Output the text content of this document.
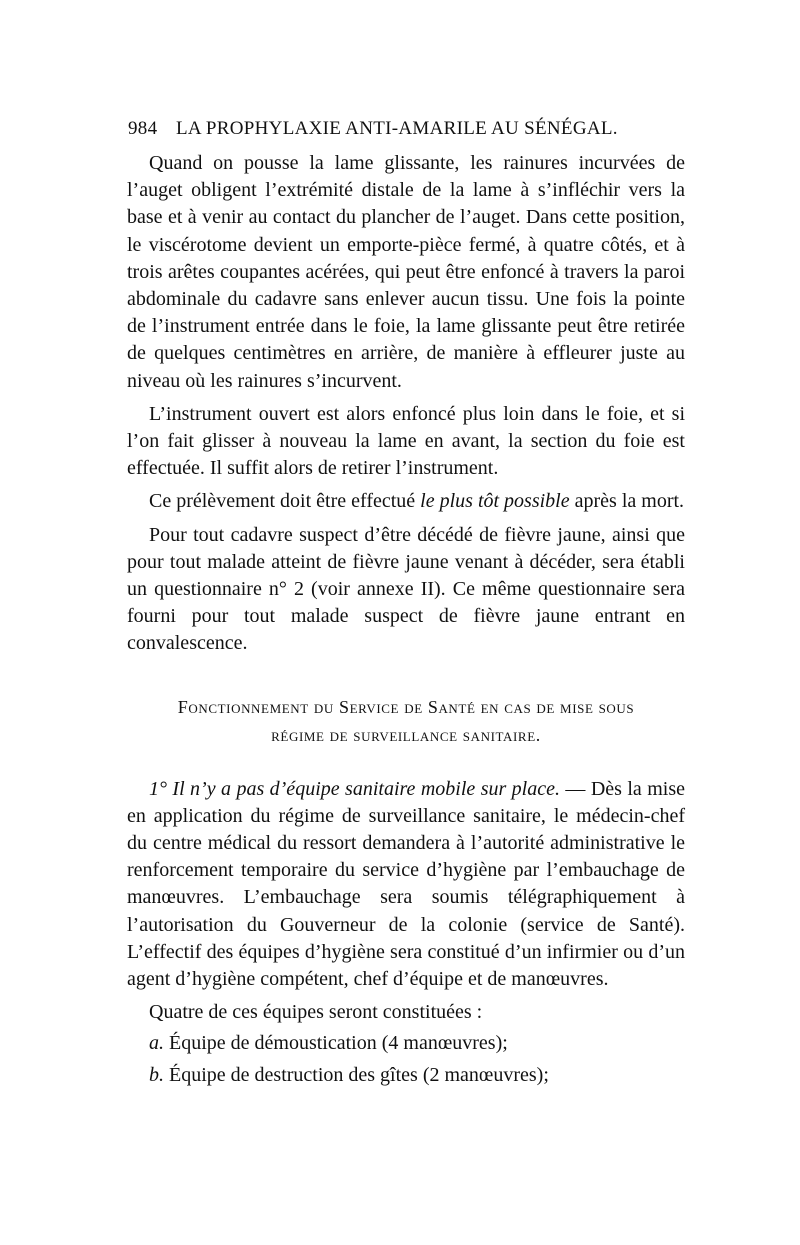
984 LA PROPHYLAXIE ANTI-AMARILE AU SÉNÉGAL.

Quand on pousse la lame glissante, les rainures incurvées de l’auget obligent l’extrémité distale de la lame à s’infléchir vers la base et à venir au contact du plancher de l’auget. Dans cette position, le viscérotome devient un emporte-pièce fermé, à quatre côtés, et à trois arêtes coupantes acérées, qui peut être enfoncé à travers la paroi abdominale du cadavre sans enlever aucun tissu. Une fois la pointe de l’instrument entrée dans le foie, la lame glissante peut être retirée de quelques centimètres en arrière, de manière à effleurer juste au niveau où les rainures s’incurvent.

L’instrument ouvert est alors enfoncé plus loin dans le foie, et si l’on fait glisser à nouveau la lame en avant, la section du foie est effectuée. Il suffit alors de retirer l’instrument.

Ce prélèvement doit être effectué le plus tôt possible après la mort.

Pour tout cadavre suspect d’être décédé de fièvre jaune, ainsi que pour tout malade atteint de fièvre jaune venant à décéder, sera établi un questionnaire n° 2 (voir annexe II). Ce même questionnaire sera fourni pour tout malade suspect de fièvre jaune entrant en convalescence.

Fonctionnement du Service de Santé en cas de mise sous
régime de surveillance sanitaire.

1° Il n’y a pas d’équipe sanitaire mobile sur place. — Dès la mise en application du régime de surveillance sanitaire, le médecin-chef du centre médical du ressort demandera à l’autorité administrative le renforcement temporaire du service d’hygiène par l’embauchage de manœuvres. L’embauchage sera soumis télégraphiquement à l’autorisation du Gouverneur de la colonie (service de Santé). L’effectif des équipes d’hygiène sera constitué d’un infirmier ou d’un agent d’hygiène compétent, chef d’équipe et de manœuvres.

Quatre de ces équipes seront constituées :

a. Équipe de démoustication (4 manœuvres);

b. Équipe de destruction des gîtes (2 manœuvres);
